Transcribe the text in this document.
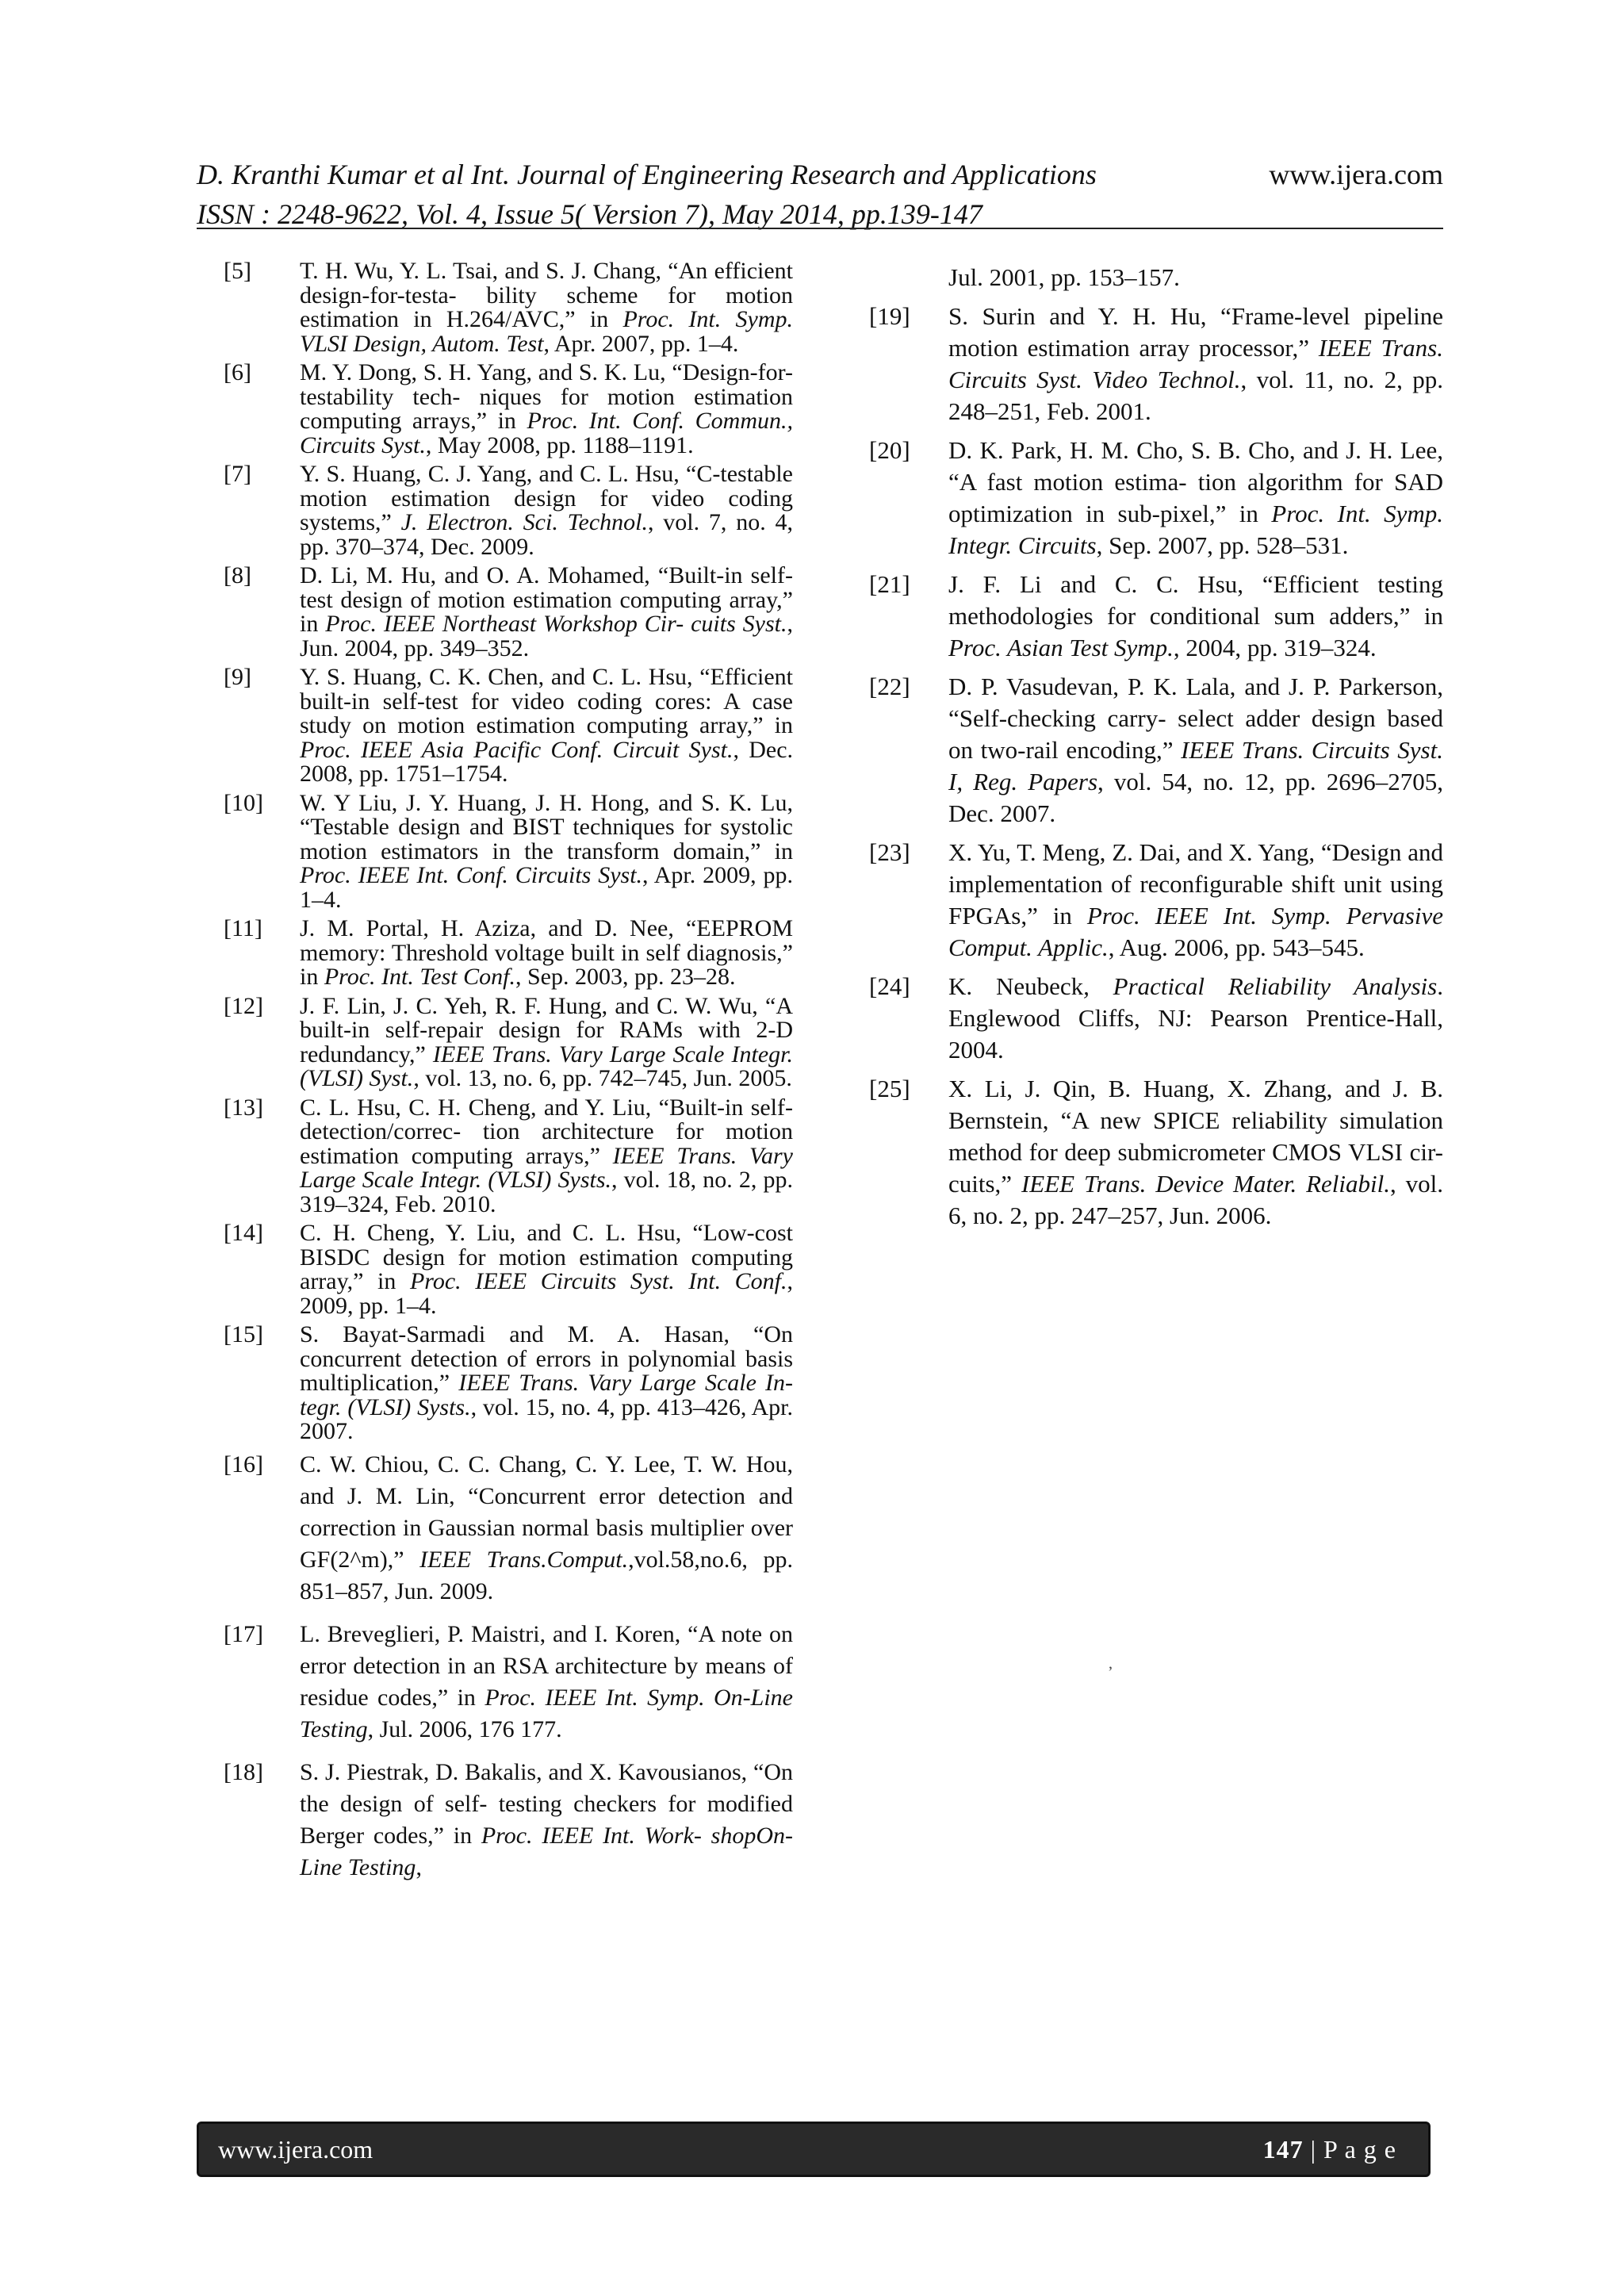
D. Kranthi Kumar et al Int. Journal of Engineering Research and Applications	www.ijera.com
ISSN : 2248-9622, Vol. 4, Issue 5( Version 7), May 2014, pp.139-147
[5] T. H. Wu, Y. L. Tsai, and S. J. Chang, “An efficient design-for-testa- bility scheme for motion estimation in H.264/AVC,” in Proc. Int. Symp. VLSI Design, Autom. Test, Apr. 2007, pp. 1–4.
[6] M. Y. Dong, S. H. Yang, and S. K. Lu, “Design-for-testability tech- niques for motion estimation computing arrays,” in Proc. Int. Conf. Commun., Circuits Syst., May 2008, pp. 1188–1191.
[7] Y. S. Huang, C. J. Yang, and C. L. Hsu, “C-testable motion estimation design for video coding systems,” J. Electron. Sci. Technol., vol. 7, no. 4, pp. 370–374, Dec. 2009.
[8] D. Li, M. Hu, and O. A. Mohamed, “Built-in self-test design of motion estimation computing array,” in Proc. IEEE Northeast Workshop Cir- cuits Syst., Jun. 2004, pp. 349–352.
[9] Y. S. Huang, C. K. Chen, and C. L. Hsu, “Efficient built-in self-test for video coding cores: A case study on motion estimation computing array,” in Proc. IEEE Asia Pacific Conf. Circuit Syst., Dec. 2008, pp. 1751–1754.
[10] W. Y Liu, J. Y. Huang, J. H. Hong, and S. K. Lu, “Testable design and BIST techniques for systolic motion estimators in the transform domain,” in Proc. IEEE Int. Conf. Circuits Syst., Apr. 2009, pp. 1–4.
[11] J. M. Portal, H. Aziza, and D. Nee, “EEPROM memory: Threshold voltage built in self diagnosis,” in Proc. Int. Test Conf., Sep. 2003, pp. 23–28.
[12] J. F. Lin, J. C. Yeh, R. F. Hung, and C. W. Wu, “A built-in self-repair design for RAMs with 2-D redundancy,” IEEE Trans. Vary Large Scale Integr. (VLSI) Syst., vol. 13, no. 6, pp. 742–745, Jun. 2005.
[13] C. L. Hsu, C. H. Cheng, and Y. Liu, “Built-in self-detection/correc- tion architecture for motion estimation computing arrays,” IEEE Trans. Vary Large Scale Integr. (VLSI) Systs., vol. 18, no. 2, pp. 319–324, Feb. 2010.
[14] C. H. Cheng, Y. Liu, and C. L. Hsu, “Low-cost BISDC design for motion estimation computing array,” in Proc. IEEE Circuits Syst. Int. Conf., 2009, pp. 1–4.
[15] S. Bayat-Sarmadi and M. A. Hasan, “On concurrent detection of errors in polynomial basis multiplication,” IEEE Trans. Vary Large Scale In- tegr. (VLSI) Systs., vol. 15, no. 4, pp. 413–426, Apr. 2007.
[16] C. W. Chiou, C. C. Chang, C. Y. Lee, T. W. Hou, and J. M. Lin, “Concurrent error detection and correction in Gaussian normal basis multiplier over GF(2^m),” IEEE Trans.Comput.,vol.58,no.6, pp. 851–857, Jun. 2009.
[17] L. Breveglieri, P. Maistri, and I. Koren, “A note on error detection in an RSA architecture by means of residue codes,” in Proc. IEEE Int. Symp. On-Line Testing, Jul. 2006, 176 177.
[18] S. J. Piestrak, D. Bakalis, and X. Kavousianos, “On the design of self- testing checkers for modified Berger codes,” in Proc. IEEE Int. Work- shopOn-Line Testing,
Jul. 2001, pp. 153–157.
[19] S. Surin and Y. H. Hu, “Frame-level pipeline motion estimation array processor,” IEEE Trans. Circuits Syst. Video Technol., vol. 11, no. 2, pp. 248–251, Feb. 2001.
[20] D. K. Park, H. M. Cho, S. B. Cho, and J. H. Lee, “A fast motion estima- tion algorithm for SAD optimization in sub-pixel,” in Proc. Int. Symp. Integr. Circuits, Sep. 2007, pp. 528–531.
[21] J. F. Li and C. C. Hsu, “Efficient testing methodologies for conditional sum adders,” in Proc. Asian Test Symp., 2004, pp. 319–324.
[22] D. P. Vasudevan, P. K. Lala, and J. P. Parkerson, “Self-checking carry- select adder design based on two-rail encoding,” IEEE Trans. Circuits Syst. I, Reg. Papers, vol. 54, no. 12, pp. 2696–2705, Dec. 2007.
[23] X. Yu, T. Meng, Z. Dai, and X. Yang, “Design and implementation of reconfigurable shift unit using FPGAs,” in Proc. IEEE Int. Symp. Pervasive Comput. Applic., Aug. 2006, pp. 543–545.
[24] K. Neubeck, Practical Reliability Analysis. Englewood Cliffs, NJ: Pearson Prentice-Hall, 2004.
[25] X. Li, J. Qin, B. Huang, X. Zhang, and J. B. Bernstein, “A new SPICE reliability simulation method for deep submicrometer CMOS VLSI cir- cuits,” IEEE Trans. Device Mater. Reliabil., vol. 6, no. 2, pp. 247–257, Jun. 2006.
ʼ
www.ijera.com	147 | P a g e
